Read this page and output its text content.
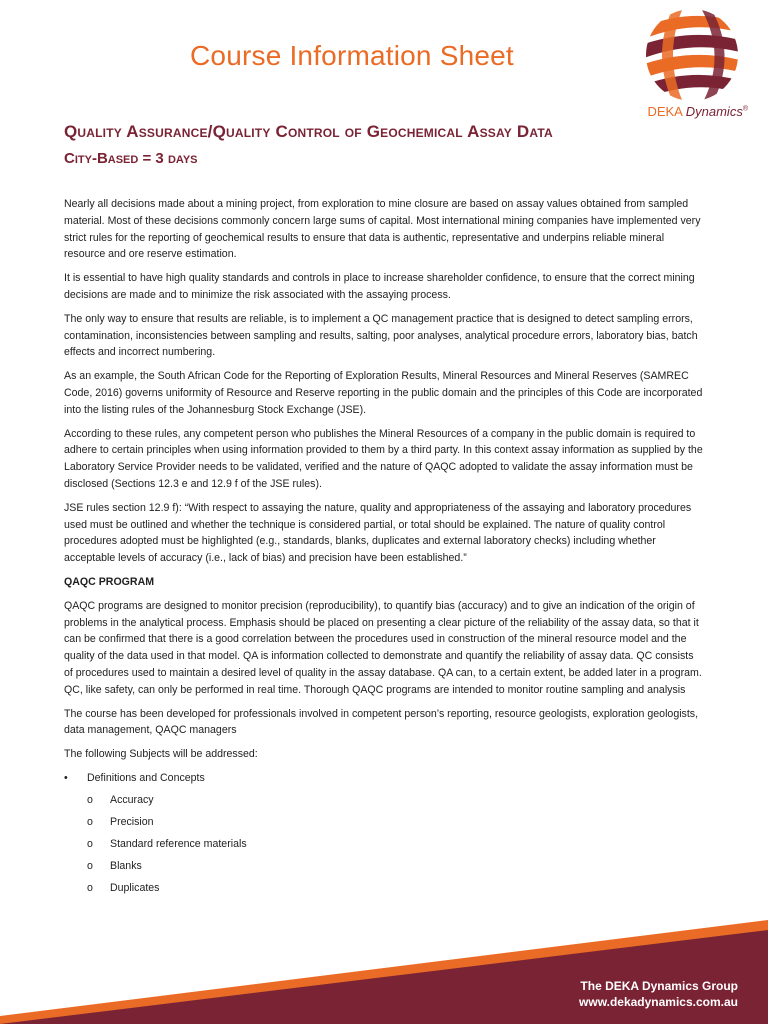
Course Information Sheet
DEKA Dynamics®
Quality Assurance/Quality Control of Geochemical Assay Data
City-Based = 3 days

Nearly all decisions made about a mining project, from exploration to mine closure are based on assay values obtained from sampled material. Most of these decisions commonly concern large sums of capital. Most international mining companies have implemented very strict rules for the reporting of geochemical results to ensure that data is authentic, representative and underpins reliable mineral resource and ore reserve estimation.

It is essential to have high quality standards and controls in place to increase shareholder confidence, to ensure that the correct mining decisions are made and to minimize the risk associated with the assaying process.

The only way to ensure that results are reliable, is to implement a QC management practice that is designed to detect sampling errors, contamination, inconsistencies between sampling and results, salting, poor analyses, analytical procedure errors, laboratory bias, batch effects and incorrect numbering.

As an example, the South African Code for the Reporting of Exploration Results, Mineral Resources and Mineral Reserves (SAMREC Code, 2016) governs uniformity of Resource and Reserve reporting in the public domain and the principles of this Code are incorporated into the listing rules of the Johannesburg Stock Exchange (JSE).

According to these rules, any competent person who publishes the Mineral Resources of a company in the public domain is required to adhere to certain principles when using information provided to them by a third party. In this context assay information as supplied by the Laboratory Service Provider needs to be validated, verified and the nature of QAQC adopted to validate the assay information must be disclosed (Sections 12.3 e and 12.9 f of the JSE rules).

JSE rules section 12.9 f): “With respect to assaying the nature, quality and appropriateness of the assaying and laboratory procedures used must be outlined and whether the technique is considered partial, or total should be explained. The nature of quality control procedures adopted must be highlighted (e.g., standards, blanks, duplicates and external laboratory checks) including whether acceptable levels of accuracy (i.e., lack of bias) and precision have been established.”

QAQC PROGRAM

QAQC programs are designed to monitor precision (reproducibility), to quantify bias (accuracy) and to give an indication of the origin of problems in the analytical process. Emphasis should be placed on presenting a clear picture of the reliability of the assay data, so that it can be confirmed that there is a good correlation between the procedures used in construction of the mineral resource model and the quality of the data used in that model. QA is information collected to demonstrate and quantify the reliability of assay data. QC consists of procedures used to maintain a desired level of quality in the assay database. QA can, to a certain extent, be added later in a program. QC, like safety, can only be performed in real time. Thorough QAQC programs are intended to monitor routine sampling and analysis

The course has been developed for professionals involved in competent person’s reporting, resource geologists, exploration geologists, data management, QAQC managers

The following Subjects will be addressed:

• Definitions and Concepts
o Accuracy
o Precision
o Standard reference materials
o Blanks
o Duplicates
The DEKA Dynamics Group
www.dekadynamics.com.au
